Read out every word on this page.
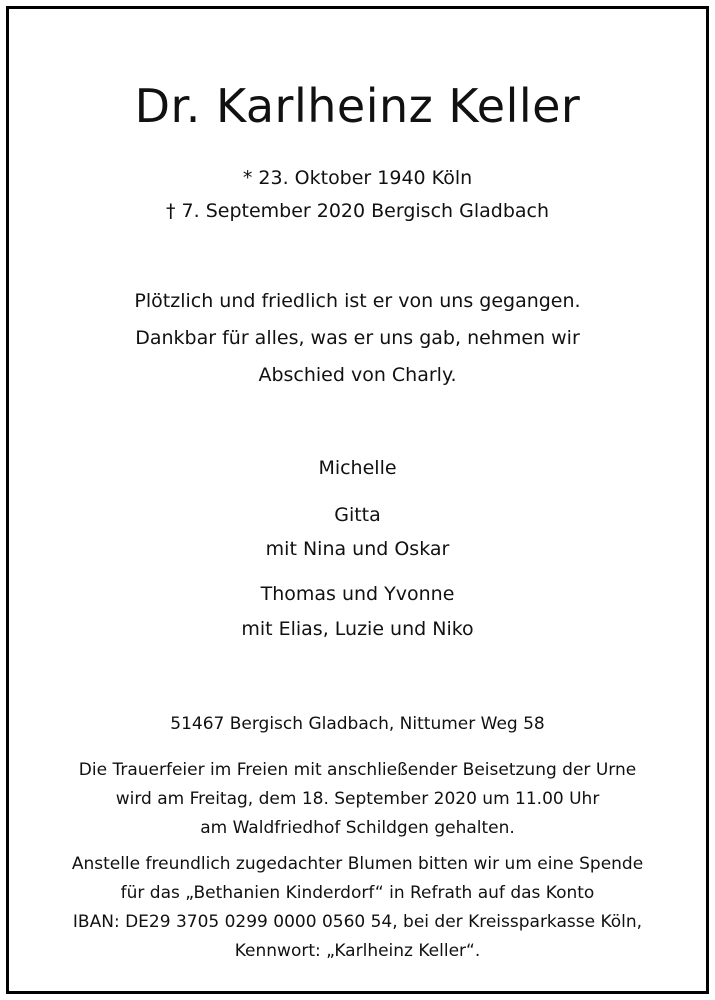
Dr. Karlheinz Keller
* 23. Oktober 1940 Köln
† 7. September 2020 Bergisch Gladbach
Plötzlich und friedlich ist er von uns gegangen.
Dankbar für alles, was er uns gab, nehmen wir
Abschied von Charly.
Michelle
Gitta
mit Nina und Oskar
Thomas und Yvonne
mit Elias, Luzie und Niko
51467 Bergisch Gladbach, Nittumer Weg 58
Die Trauerfeier im Freien mit anschließender Beisetzung der Urne
wird am Freitag, dem 18. September 2020 um 11.00 Uhr
am Waldfriedhof Schildgen gehalten.
Anstelle freundlich zugedachter Blumen bitten wir um eine Spende
für das „Bethanien Kinderdorf“ in Refrath auf das Konto
IBAN: DE29 3705 0299 0000 0560 54, bei der Kreissparkasse Köln,
Kennwort: „Karlheinz Keller“.
